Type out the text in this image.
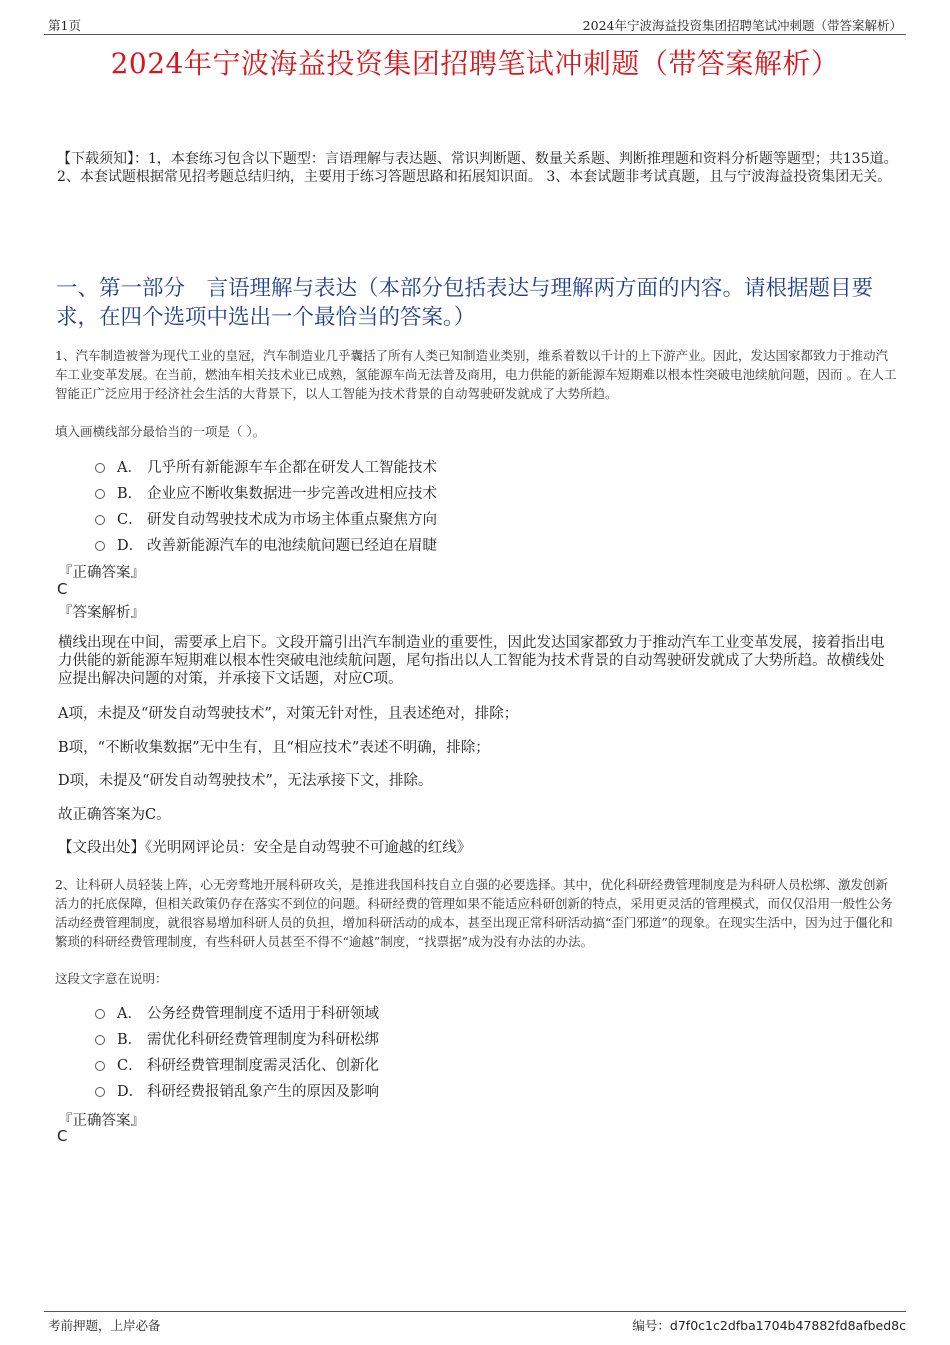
第1页	2024年宁波海益投资集团招聘笔试冲刺题（带答案解析）
2024年宁波海益投资集团招聘笔试冲刺题（带答案解析）
【下载须知】：1，本套练习包含以下题型：言语理解与表达题、常识判断题、数量关系题、判断推理题和资料分析题等题型；共135道。 2、本套试题根据常见招考题总结归纳，主要用于练习答题思路和拓展知识面。 3、本套试题非考试真题，且与宁波海益投资集团无关。
一、第一部分　言语理解与表达（本部分包括表达与理解两方面的内容。请根据题目要求，在四个选项中选出一个最恰当的答案。）
1、汽车制造被誉为现代工业的皇冠，汽车制造业几乎囊括了所有人类已知制造业类别，维系着数以千计的上下游产业。因此，发达国家都致力于推动汽车工业变革发展。在当前，燃油车相关技术业已成熟，氢能源车尚无法普及商用，电力供能的新能源车短期难以根本性突破电池续航问题，因而 。在人工智能正广泛应用于经济社会生活的大背景下，以人工智能为技术背景的自动驾驶研发就成了大势所趋。
填入画横线部分最恰当的一项是（ ）。
A． 几乎所有新能源车车企都在研发人工智能技术
B． 企业应不断收集数据进一步完善改进相应技术
C． 研发自动驾驶技术成为市场主体重点聚焦方向
D． 改善新能源汽车的电池续航问题已经迫在眉睫
『正确答案』
C
『答案解析』
横线出现在中间，需要承上启下。文段开篇引出汽车制造业的重要性，因此发达国家都致力于推动汽车工业变革发展，接着指出电力供能的新能源车短期难以根本性突破电池续航问题，尾句指出以人工智能为技术背景的自动驾驶研发就成了大势所趋。故横线处应提出解决问题的对策，并承接下文话题，对应C项。
A项，未提及“研发自动驾驶技术”，对策无针对性，且表述绝对，排除；
B项，“不断收集数据”无中生有，且“相应技术”表述不明确，排除；
D项，未提及“研发自动驾驶技术”，无法承接下文，排除。
故正确答案为C。
【文段出处】《光明网评论员：安全是自动驾驶不可逾越的红线》
2、让科研人员轻装上阵，心无旁骛地开展科研攻关，是推进我国科技自立自强的必要选择。其中，优化科研经费管理制度是为科研人员松绑、激发创新活力的托底保障，但相关政策仍存在落实不到位的问题。科研经费的管理如果不能适应科研创新的特点，采用更灵活的管理模式，而仅仅沿用一般性公务活动经费管理制度，就很容易增加科研人员的负担，增加科研活动的成本，甚至出现正常科研活动搞“歪门邪道”的现象。在现实生活中，因为过于僵化和繁琐的科研经费管理制度，有些科研人员甚至不得不“逾越”制度，“找票据”成为没有办法的办法。
这段文字意在说明：
A． 公务经费管理制度不适用于科研领域
B． 需优化科研经费管理制度为科研松绑
C． 科研经费管理制度需灵活化、创新化
D． 科研经费报销乱象产生的原因及影响
『正确答案』
C
考前押题，上岸必备	编号：d7f0c1c2dfba1704b47882fd8afbed8c
